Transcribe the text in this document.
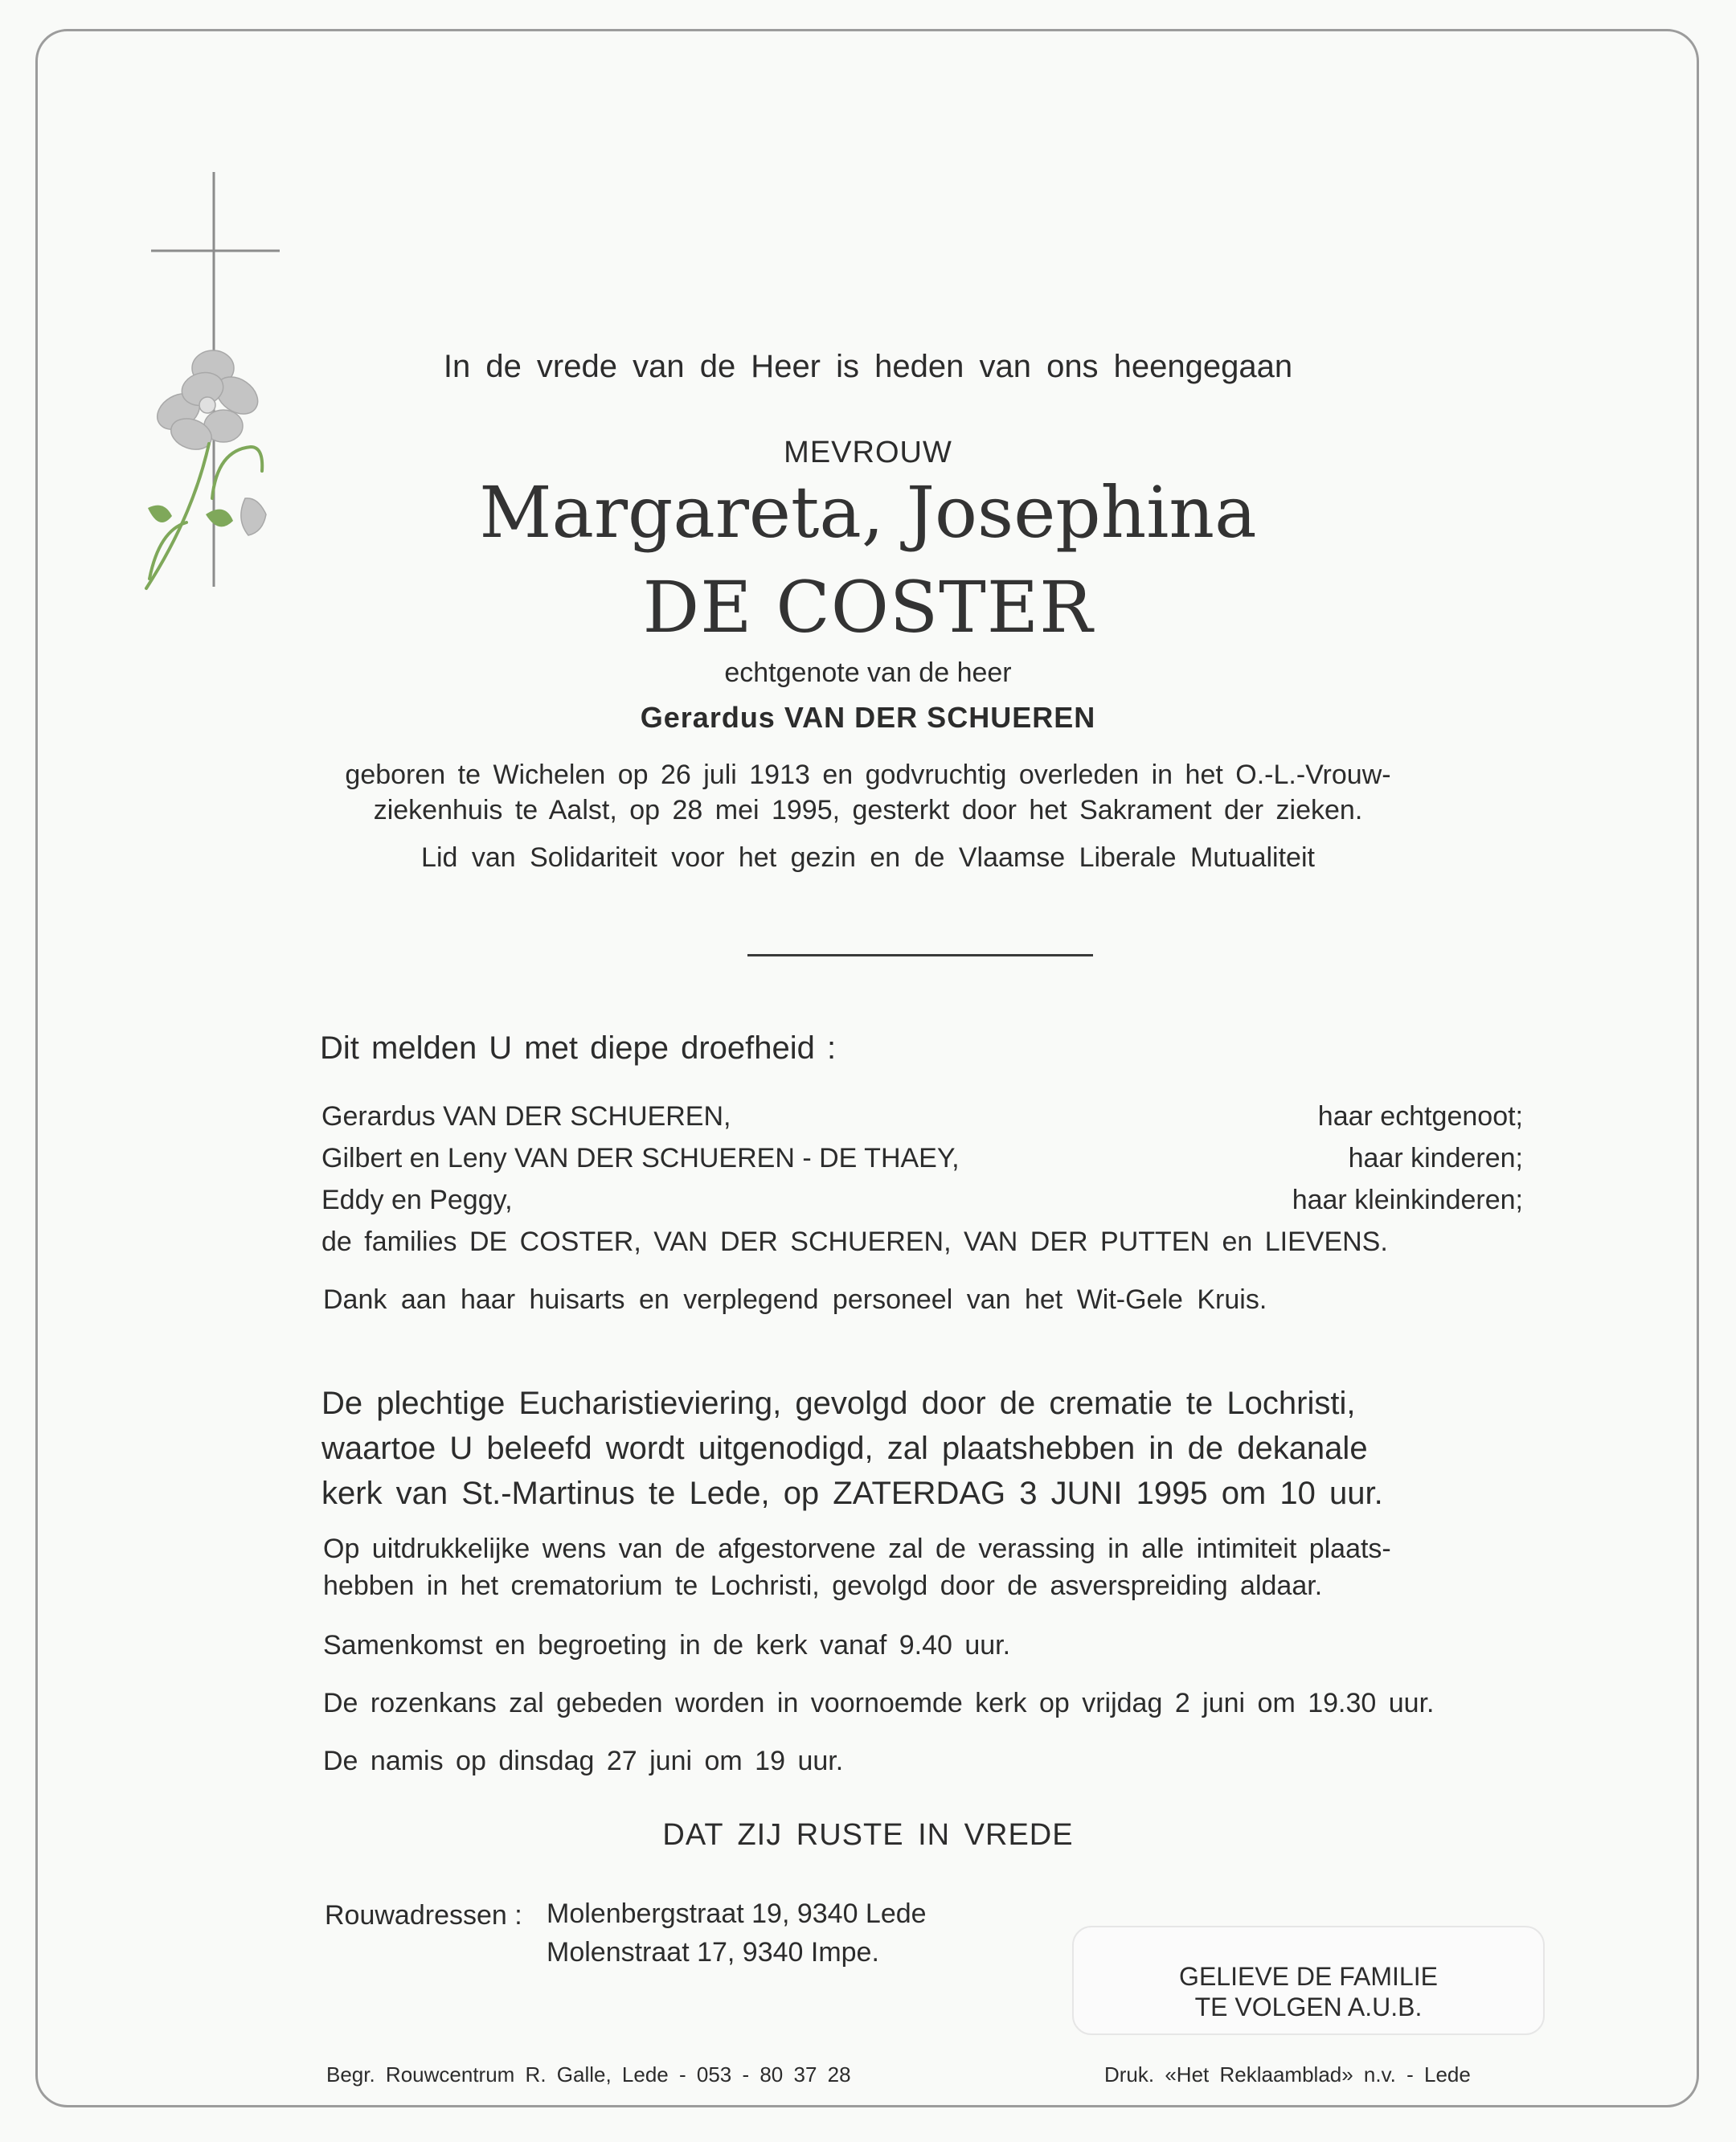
In de vrede van de Heer is heden van ons heengegaan
MEVROUW
Margareta, Josephina
DE COSTER
echtgenote van de heer
Gerardus VAN DER SCHUEREN
geboren te Wichelen op 26 juli 1913 en godvruchtig overleden in het O.-L.-Vrouw-
ziekenhuis te Aalst, op 28 mei 1995, gesterkt door het Sakrament der zieken.
Lid van Solidariteit voor het gezin en de Vlaamse Liberale Mutualiteit
Dit melden U met diepe droefheid :
Gerardus VAN DER SCHUEREN,	haar echtgenoot;
Gilbert en Leny VAN DER SCHUEREN - DE THAEY,	haar kinderen;
Eddy en Peggy,	haar kleinkinderen;
de families DE COSTER, VAN DER SCHUEREN, VAN DER PUTTEN en LIEVENS.
Dank aan haar huisarts en verplegend personeel van het Wit-Gele Kruis.
De plechtige Eucharistieviering, gevolgd door de crematie te Lochristi,
waartoe U beleefd wordt uitgenodigd, zal plaatshebben in de dekanale
kerk van St.-Martinus te Lede, op ZATERDAG 3 JUNI 1995 om 10 uur.
Op uitdrukkelijke wens van de afgestorvene zal de verassing in alle intimiteit plaats-
hebben in het crematorium te Lochristi, gevolgd door de asverspreiding aldaar.
Samenkomst en begroeting in de kerk vanaf 9.40 uur.
De rozenkans zal gebeden worden in voornoemde kerk op vrijdag 2 juni om 19.30 uur.
De namis op dinsdag 27 juni om 19 uur.
DAT ZIJ RUSTE IN VREDE
Rouwadressen : Molenbergstraat 19, 9340 Lede
Molenstraat 17, 9340 Impe.
GELIEVE DE FAMILIE
TE VOLGEN A.U.B.
Begr. Rouwcentrum R. Galle, Lede - 053 - 80 37 28	Druk. «Het Reklaamblad» n.v. - Lede
